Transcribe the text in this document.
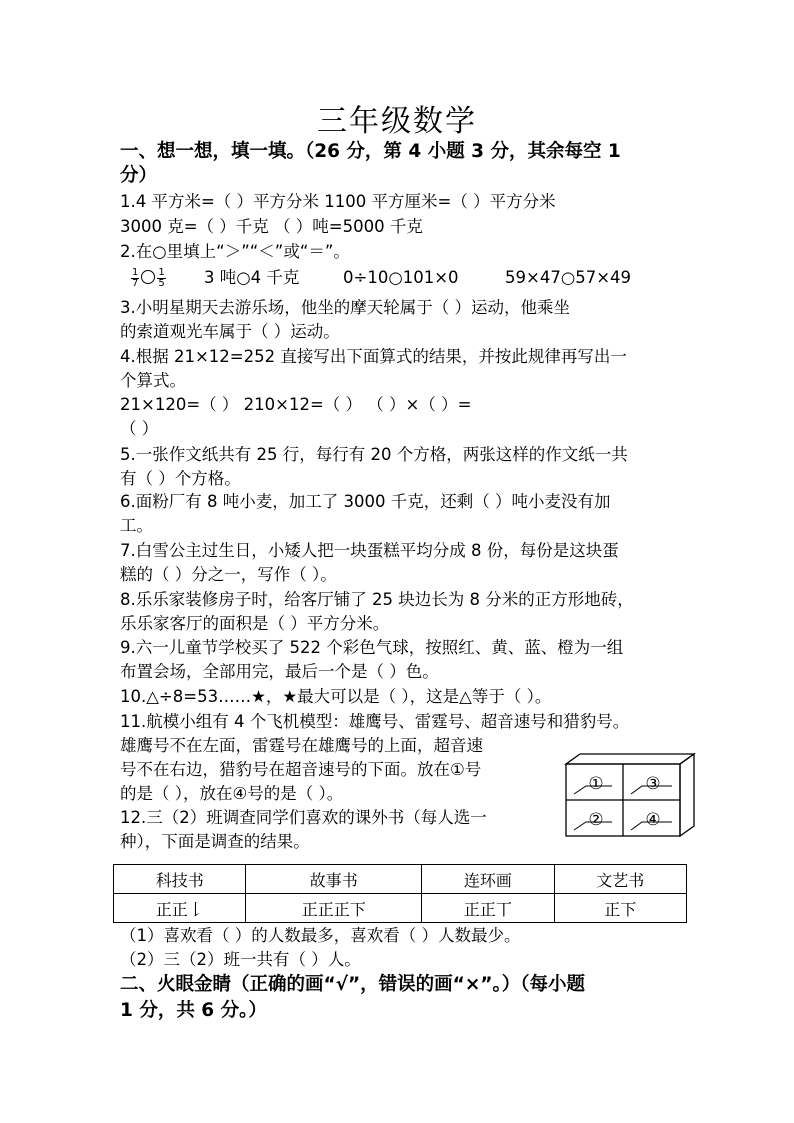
三年级数学
一、想一想，填一填。（26 分，第 4 小题 3 分，其余每空 1
分）
1.4 平方米=（ ）平方分米 1100 平方厘米=（ ）平方分米
3000 克=（ ）千克 （ ）吨=5000 千克
2.在○里填上“＞”“＜”或“＝”。
$\frac{1}{7} \frac{1}{5} 3$ 吨○4 千克	0÷10○101×0	59×47○57×49
3.小明星期天去游乐场，他坐的摩天轮属于（ ）运动，他乘坐
的索道观光车属于（ ）运动。
4.根据 21×12=252 直接写出下面算式的结果，并按此规律再写出一
个算式。
21×120=（ ） 210×12=（ ） （ ）×（ ）=
（ ）
5.一张作文纸共有 25 行，每行有 20 个方格，两张这样的作文纸一共
有（ ）个方格。
6.面粉厂有 8 吨小麦，加工了 3000 千克，还剩（ ）吨小麦没有加
工。
7.白雪公主过生日，小矮人把一块蛋糕平均分成 8 份，每份是这块蛋
糕的（ ）分之一，写作（ ）。
8.乐乐家装修房子时，给客厅铺了 25 块边长为 8 分米的正方形地砖，
乐乐家客厅的面积是（ ）平方分米。
9.六一儿童节学校买了 522 个彩色气球，按照红、黄、蓝、橙为一组
布置会场，全部用完，最后一个是（ ）色。
10.△÷8=53……★，★最大可以是（ ），这是△等于（ ）。
11.航模小组有 4 个飞机模型：雄鹰号、雷霆号、超音速号和猎豹号。
雄鹰号不在左面，雷霆号在雄鹰号的上面，超音速
号不在右边，猎豹号在超音速号的下面。放在①号
的是（ ），放在④号的是（ ）。	① ③
② ④
12.三（2）班调查同学们喜欢的课外书（每人选一
种），下面是调查的结果。
科技书	故事书	连环画	文艺书
正正𠄌	正正正下	正正丅	正下
（1）喜欢看（ ）的人数最多，喜欢看（ ）人数最少。
（2）三（2）班一共有（ ）人。
二、火眼金睛（正确的画“√”，错误的画“×”。）（每小题
1 分，共 6 分。）
